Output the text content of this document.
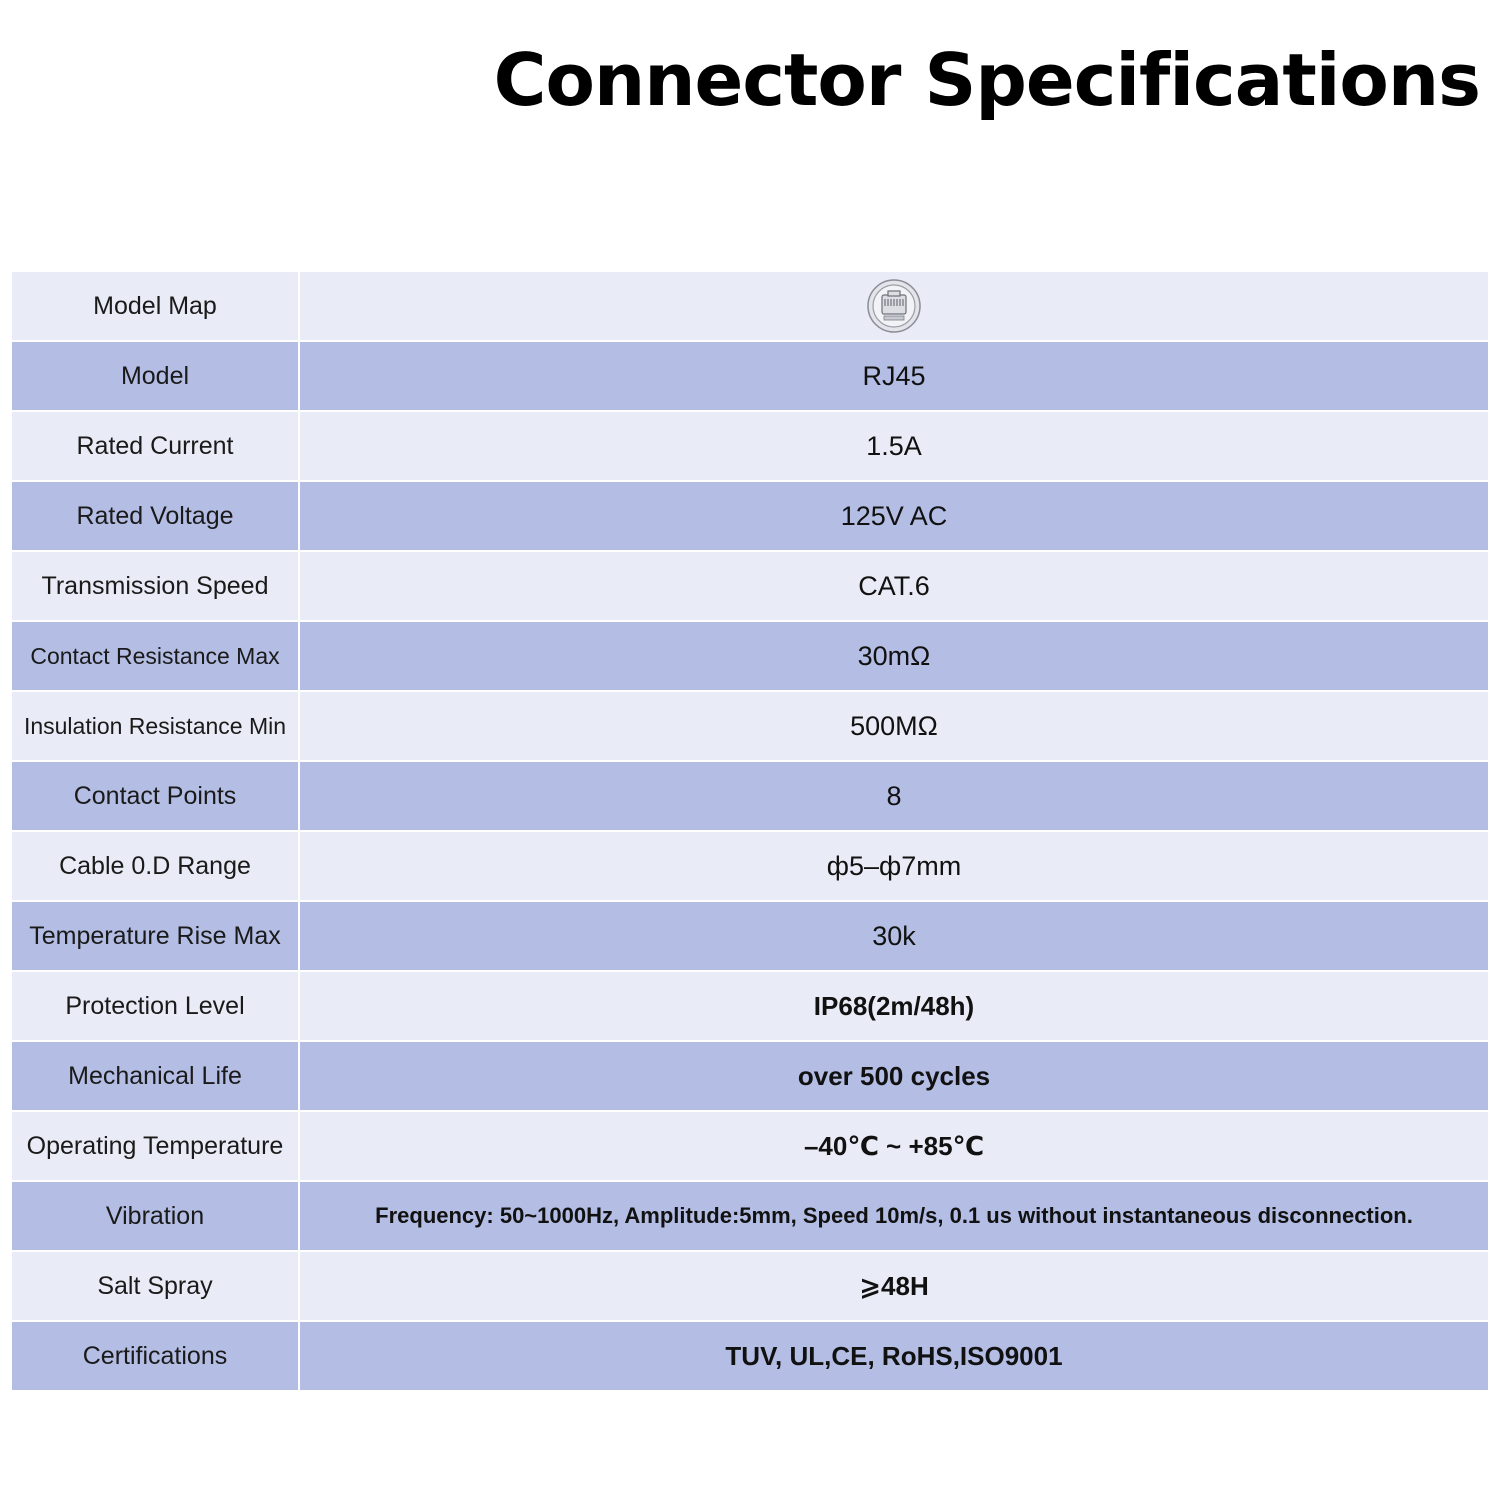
Connector Specifications
Model Map	
Model	RJ45
Rated Current	1.5A
Rated Voltage	125V AC
Transmission Speed	CAT.6
Contact Resistance Max	30mΩ
Insulation Resistance Min	500MΩ
Contact Points	8
Cable 0.D Range	ф5–ф7mm
Temperature Rise Max	30k
Protection Level	IP68(2m/48h)
Mechanical Life	over 500 cycles
Operating Temperature	–40℃ ~ +85℃
Vibration	Frequency: 50~1000Hz, Amplitude:5mm, Speed 10m/s, 0.1 us without instantaneous disconnection.
Salt Spray	⩾48H
Certifications	TUV, UL,CE, RoHS,ISO9001
